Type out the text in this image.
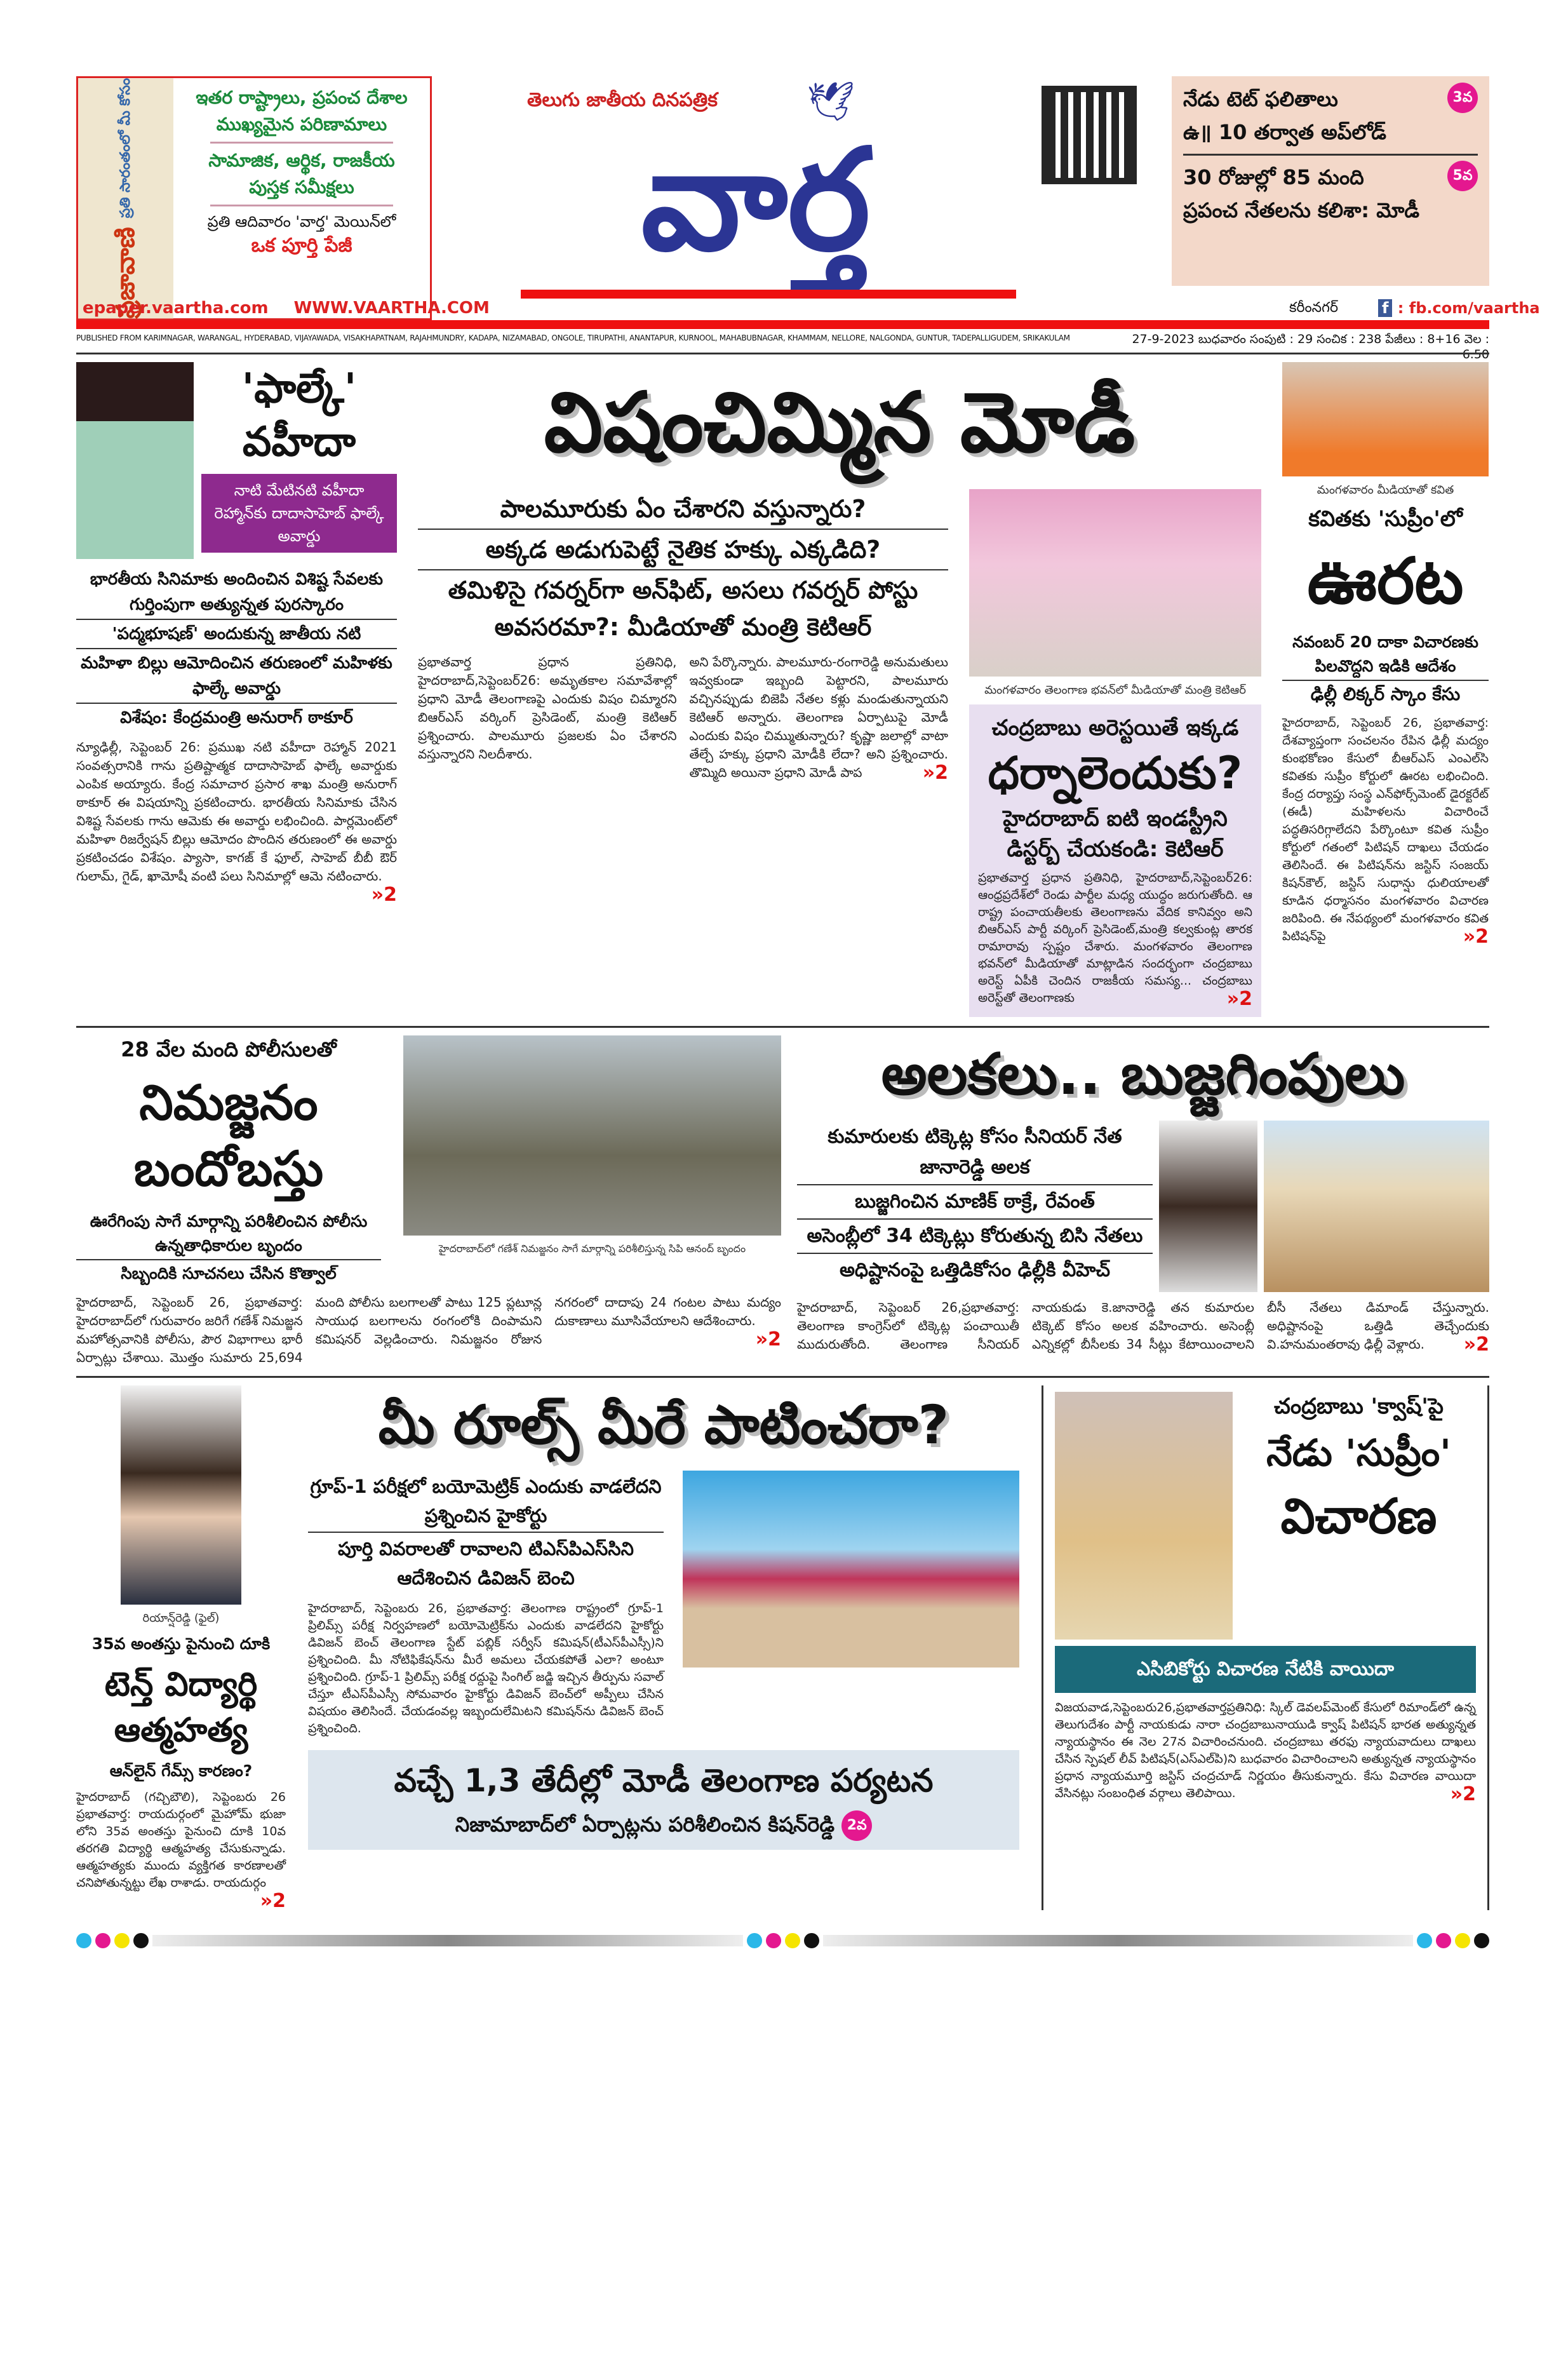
ప్రజావాణి

ప్రతి సారంతంలో మీ కోసం	ఇతర రాష్ట్రాలు, ప్రపంచ దేశాల
ముఖ్యమైన పరిణామాలు
సామాజిక, ఆర్థిక, రాజకీయ
పుస్తక సమీక్షలు
ప్రతి ఆదివారం 'వార్త' మెయిన్‌లో
ఒక పూర్తి పేజీ
తెలుగు జాతీయ దినపత్రిక 🕊
వార్త
3వ
నేడు టెట్ ఫలితాలు
ఉ॥ 10 తర్వాత అప్‌లోడ్
5వ
30 రోజుల్లో 85 మంది
ప్రపంచ నేతలను కలిశా: మోడీ
epaper.vaartha.com WWW.VAARTHA.COM	కరీంనగర్	f : fb.com/vaartha
PUBLISHED FROM KARIMNAGAR, WARANGAL, HYDERABAD, VIJAYAWADA, VISAKHAPATNAM, RAJAHMUNDRY, KADAPA, NIZAMABAD, ONGOLE, TIRUPATHI, ANANTAPUR, KURNOOL, MAHABUBNAGAR, KHAMMAM, NELLORE, NALGONDA, GUNTUR, TADEPALLIGUDEM, SRIKAKULAM	27-9-2023 బుధవారం సంపుటి : 29 సంచిక : 238 పేజీలు : 8+16 వెల : 6.50
'ఫాల్కే'
వహీదా
నాటి మేటినటి వహీదా రెహ్మాన్‌కు దాదాసాహెబ్ ఫాల్కే అవార్డు
భారతీయ సినిమాకు అందించిన విశిష్ట సేవలకు గుర్తింపుగా అత్యున్నత పురస్కారం
'పద్మభూషణ్' అందుకున్న జాతీయ నటి
మహిళా బిల్లు ఆమోదించిన తరుణంలో మహిళకు ఫాల్కే అవార్డు
విశేషం: కేంద్రమంత్రి అనురాగ్ ఠాకూర్
న్యూఢిల్లీ, సెప్టెంబర్ 26: ప్రముఖ నటి వహీదా రెహ్మాన్ 2021 సంవత్సరానికి గాను ప్రతిష్టాత్మక దాదాసాహెబ్ ఫాల్కే అవార్డుకు ఎంపిక అయ్యారు. కేంద్ర సమాచార ప్రసార శాఖ మంత్రి అనురాగ్ ఠాకూర్ ఈ విషయాన్ని ప్రకటించారు. భారతీయ సినిమాకు చేసిన విశిష్ట సేవలకు గాను ఆమెకు ఈ అవార్డు లభించింది. పార్లమెంట్‌లో మహిళా రిజర్వేషన్ బిల్లు ఆమోదం పొందిన తరుణంలో ఈ అవార్డు ప్రకటించడం విశేషం. ప్యాసా, కాగజ్ కే ఫూల్, సాహెబ్ బీబీ ఔర్ గులామ్, గైడ్, ఖామోషీ వంటి పలు సినిమాల్లో ఆమె నటించారు.
»2
విషంచిమ్మిన మోడీ
పాలమూరుకు ఏం చేశారని వస్తున్నారు?
అక్కడ అడుగుపెట్టే నైతిక హక్కు ఎక్కడిది?
తమిళిసై గవర్నర్‌గా అన్‌ఫిట్, అసలు గవర్నర్ పోస్టు అవసరమా?: మీడియాతో మంత్రి కెటిఆర్
ప్రభాతవార్త ప్రధాన ప్రతినిధి, హైదరాబాద్,సెప్టెంబర్26: అమృతకాల సమావేశాల్లో ప్రధాని మోడీ తెలంగాణపై ఎందుకు విషం చిమ్మారని బిఆర్‌ఎస్ వర్కింగ్ ప్రెసిడెంట్, మంత్రి కెటిఆర్ ప్రశ్నించారు. పాలమూరు ప్రజలకు ఏం చేశారని వస్తున్నారని నిలదీశారు.
అని పేర్కొన్నారు. పాలమూరు-రంగారెడ్డి అనుమతులు ఇవ్వకుండా ఇబ్బంది పెట్టారని, పాలమూరు వచ్చినప్పుడు బిజెపి నేతల కళ్లు మండుతున్నాయని కెటిఆర్ అన్నారు. తెలంగాణ ఏర్పాటుపై మోడీ ఎందుకు విషం చిమ్ముతున్నారు? కృష్ణా జలాల్లో వాటా తేల్చే హక్కు ప్రధాని మోడీకి లేదా? అని ప్రశ్నించారు. తొమ్మిది అయినా ప్రధాని మోడీ పాప	»2
మంగళవారం తెలంగాణ భవన్‌లో మీడియాతో మంత్రి కెటిఆర్
చంద్రబాబు అరెస్టయితే ఇక్కడ
ధర్నాలెందుకు?
హైదరాబాద్ ఐటి ఇండస్ట్రీని డిస్టర్బ్ చేయకండి: కెటిఆర్
ప్రభాతవార్త ప్రధాన ప్రతినిధి, హైదరాబాద్,సెప్టెంబర్26: ఆంధ్రప్రదేశ్‌లో రెండు పార్టీల మధ్య యుద్ధం జరుగుతోంది. ఆ రాష్ట్ర పంచాయతీలకు తెలంగాణను వేదిక కానివ్వం అని బిఆర్‌ఎస్ పార్టీ వర్కింగ్ ప్రెసిడెంట్,మంత్రి కల్వకుంట్ల తారక రామారావు స్పష్టం చేశారు. మంగళవారం తెలంగాణ భవన్‌లో మీడియాతో మాట్లాడిన సందర్భంగా చంద్రబాబు అరెస్ట్ ఏపీకి చెందిన రాజకీయ సమస్య... చంద్రబాబు అరెస్ట్‌తో తెలంగాణకు	»2
మంగళవారం మీడియాతో కవిత
కవితకు 'సుప్రీం'లో
ఊరట
నవంబర్ 20 దాకా విచారణకు పిలవొద్దని ఇడికి ఆదేశం
ఢిల్లీ లిక్కర్ స్కాం కేసు
హైదరాబాద్, సెప్టెంబర్ 26, ప్రభాతవార్త: దేశవ్యాప్తంగా సంచలనం రేపిన ఢిల్లీ మద్యం కుంభకోణం కేసులో బీఆర్‌ఎస్ ఎంఎల్‌సి కవితకు సుప్రీం కోర్టులో ఊరట లభించింది. కేంద్ర దర్యాప్తు సంస్థ ఎన్‌ఫోర్స్‌మెంట్ డైరక్టరేట్ (ఈడీ) మహిళలను విచారించే పద్ధతిసరిగ్గాలేదని పేర్కొంటూ కవిత సుప్రీం కోర్టులో గతంలో పిటిషన్ దాఖలు చేయడం తెలిసిందే. ఈ పిటిషన్‌ను జస్టిస్ సంజయ్ కిషన్‌కౌల్, జస్టిస్ సుధాన్షు ధులియాలతో కూడిన ధర్మాసనం మంగళవారం విచారణ జరిపింది. ఈ నేపథ్యంలో మంగళవారం కవిత పిటిషన్‌పై	»2
28 వేల మంది పోలీసులతో
నిమజ్జనం బందోబస్తు
ఊరేగింపు సాగే మార్గాన్ని పరిశీలించిన పోలీసు ఉన్నతాధికారుల బృందం
సిబ్బందికి సూచనలు చేసిన కొత్వాల్
హైదరాబాద్‌లో గణేశ్ నిమజ్జనం సాగే మార్గాన్ని పరిశీలిస్తున్న సిపి ఆనంద్ బృందం
హైదరాబాద్, సెప్టెంబర్ 26, ప్రభాతవార్త: హైదరాబాద్‌లో గురువారం జరిగే గణేశ్ నిమజ్జన మహోత్సవానికి పోలీసు, పౌర విభాగాలు భారీ ఏర్పాట్లు చేశాయి. మొత్తం సుమారు 25,694 మంది పోలీసు బలగాలతో పాటు 125 ప్లటూన్ల సాయుధ బలగాలను రంగంలోకి దింపామని కమిషనర్ వెల్లడించారు. నిమజ్జనం రోజున నగరంలో దాదాపు 24 గంటల పాటు మద్యం దుకాణాలు మూసివేయాలని ఆదేశించారు.
»2
అలకలు.. బుజ్జగింపులు
కుమారులకు టిక్కెట్ల కోసం సీనియర్ నేత జానారెడ్డి అలక
బుజ్జగించిన మాణిక్ ఠాక్రే, రేవంత్
అసెంబ్లీలో 34 టిక్కెట్లు కోరుతున్న బిసి నేతలు
అధిష్టానంపై ఒత్తిడికోసం ఢిల్లీకి వీహెచ్
హైదరాబాద్, సెప్టెంబర్ 26,ప్రభాతవార్త: తెలంగాణ కాంగ్రెస్‌లో టిక్కెట్ల పంచాయితీ ముదురుతోంది. తెలంగాణ సీనియర్ నాయకుడు కె.జానారెడ్డి తన కుమారుల టిక్కెట్ కోసం అలక వహించారు. అసెంబ్లీ ఎన్నికల్లో బీసీలకు 34 సీట్లు కేటాయించాలని బీసీ నేతలు డిమాండ్ చేస్తున్నారు. అధిష్టానంపై ఒత్తిడి తెచ్చేందుకు వి.హనుమంతరావు ఢిల్లీ వెళ్లారు. »2
రియాన్ష్‌రెడ్డి (ఫైల్)
35వ అంతస్తు పైనుంచి దూకి
టెన్త్ విద్యార్థి ఆత్మహత్య
ఆన్‌లైన్ గేమ్స్ కారణం?
హైదరాబాద్ (గచ్చిబౌలి), సెప్టెంబరు 26 ప్రభాతవార్త: రాయదుర్గంలో మైహోమ్ భుజా లోని 35వ అంతస్తు పైనుంచి దూకి 10వ తరగతి విద్యార్థి ఆత్మహత్య చేసుకున్నాడు. ఆత్మహత్యకు ముందు వ్యక్తిగత కారణాలతో చనిపోతున్నట్టు లేఖ రాశాడు. రాయదుర్గం
»2
మీ రూల్స్ మీరే పాటించరా?
గ్రూప్-1 పరీక్షలో బయోమెట్రిక్ ఎందుకు వాడలేదని ప్రశ్నించిన హైకోర్టు
పూర్తి వివరాలతో రావాలని టిఎస్‌పిఎస్‌సిని ఆదేశించిన డివిజన్ బెంచి
హైదరాబాద్, సెప్టెంబరు 26, ప్రభాతవార్త: తెలంగాణ రాష్ట్రంలో గ్రూప్-1 ప్రిలిమ్స్ పరీక్ష నిర్వహణలో బయోమెట్రిక్‌ను ఎందుకు వాడలేదని హైకోర్టు డివిజన్ బెంచ్ తెలంగాణ స్టేట్ పబ్లిక్ సర్వీస్ కమిషన్(టీఎస్‌పీఎస్సీ)ని ప్రశ్నించింది. మీ నోటిఫికేషన్‌ను మీరే అమలు చేయకపోతే ఎలా? అంటూ ప్రశ్నించింది. గ్రూప్-1 ప్రిలిమ్స్ పరీక్ష రద్దుపై సింగిల్ జడ్జి ఇచ్చిన తీర్పును సవాల్ చేస్తూ టీఎస్‌పీఎస్సీ సోమవారం హైకోర్టు డివిజన్ బెంచ్‌లో అప్పీలు చేసిన విషయం తెలిసిందే. చేయడంవల్ల ఇబ్బందులేమిటని కమిషన్‌ను డివిజన్ బెంచ్ ప్రశ్నించింది.
వచ్చే 1,3 తేదీల్లో మోడీ తెలంగాణ పర్యటన
నిజామాబాద్‌లో ఏర్పాట్లను పరిశీలించిన కిషన్‌రెడ్డి 2వ
చంద్రబాబు 'క్వాష్'పై
నేడు 'సుప్రీం'
విచారణ
ఎసిబికోర్టు విచారణ నేటికి వాయిదా
విజయవాడ,సెప్టెంబరు26,ప్రభాతవార్తప్రతినిధి: స్కిల్ డెవలప్‌మెంట్ కేసులో రిమాండ్‌లో ఉన్న తెలుగుదేశం పార్టీ నాయకుడు నారా చంద్రబాబునాయుడి క్వాష్ పిటిషన్ భారత అత్యున్నత న్యాయస్థానం ఈ నెల 27న విచారించనుంది. చంద్రబాబు తరఫు న్యాయవాదులు దాఖలు చేసిన స్పెషల్ లీవ్ పిటిషన్(ఎస్‌ఎల్‌పి)ని బుధవారం విచారించాలని అత్యున్నత న్యాయస్థానం ప్రధాన న్యాయమూర్తి జస్టిస్ చంద్రచూడ్ నిర్ణయం తీసుకున్నారు. కేసు విచారణ వాయిదా వేసినట్లు సంబంధిత వర్గాలు తెలిపాయి.	»2
